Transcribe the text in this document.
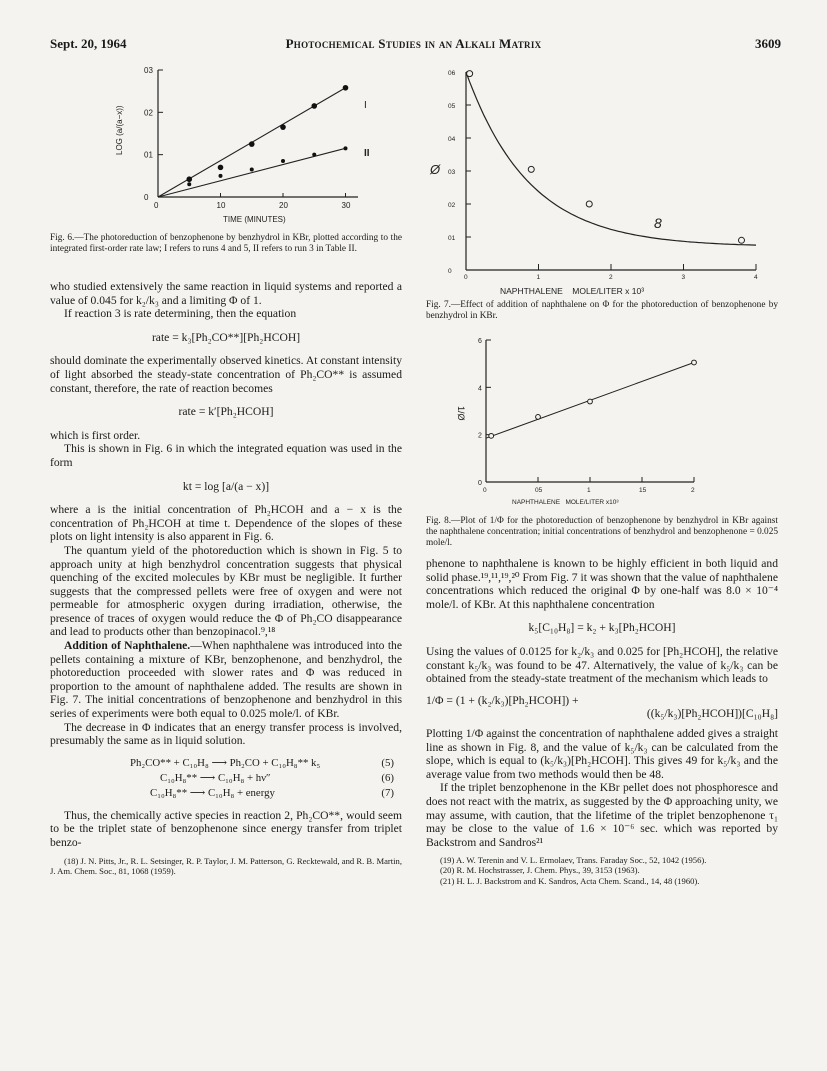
Sept. 20, 1964	Photochemical Studies in an Alkali Matrix	3609
0	10	20	30
0
01
02
03
LOG (a/(a−x))
TIME (MINUTES)
I
II
Fig. 6.—The photoreduction of benzophenone by benzhydrol in KBr, plotted according to the integrated first-order rate law; I refers to runs 4 and 5, II refers to run 3 in Table II.

who studied extensively the same reaction in liquid systems and reported a value of 0.045 for k₂/k₃ and a limiting Φ of 1.

If reaction 3 is rate determining, then the equation

rate = k₃[Ph₂CO**][Ph₂HCOH]

should dominate the experimentally observed kinetics. At constant intensity of light absorbed the steady-state concentration of Ph₂CO** is assumed constant, therefore, the rate of reaction becomes

rate = k′[Ph₂HCOH]

which is first order.

This is shown in Fig. 6 in which the integrated equation was used in the form

kt = log [a/(a − x)]

where a is the initial concentration of Ph₂HCOH and a − x is the concentration of Ph₂HCOH at time t. Dependence of the slopes of these plots on light intensity is also apparent in Fig. 6.

The quantum yield of the photoreduction which is shown in Fig. 5 to approach unity at high benzhydrol concentration suggests that physical quenching of the excited molecules by KBr must be negligible. It further suggests that the compressed pellets were free of oxygen and were not permeable for atmospheric oxygen during irradiation, otherwise, the presence of traces of oxygen would reduce the Φ of Ph₂CO disappearance and lead to products other than benzopinacol.⁹,¹⁸

Addition of Naphthalene.—When naphthalene was introduced into the pellets containing a mixture of KBr, benzophenone, and benzhydrol, the photoreduction proceeded with slower rates and Φ was reduced in proportion to the amount of naphthalene added. The results are shown in Fig. 7. The initial concentrations of benzophenone and benzhydrol in this series of experiments were both equal to 0.025 mole/l. of KBr.

The decrease in Φ indicates that an energy transfer process is involved, presumably the same as in liquid solution.

Ph₂CO** + C₁₀H₈ ⟶ Ph₂CO + C₁₀H₈** k₅	(5)
C₁₀H₈** ⟶ C₁₀H₈ + hν″	(6)
C₁₀H₈** ⟶ C₁₀H₈ + energy	(7)

Thus, the chemically active species in reaction 2, Ph₂CO**, would seem to be the triplet state of benzophenone since energy transfer from triplet benzo-

(18) J. N. Pitts, Jr., R. L. Setsinger, R. P. Taylor, J. M. Patterson, G. Recktewald, and R. B. Martin, J. Am. Chem. Soc., 81, 1068 (1959).

0	1	2	3	4
0
01
02
03
04
05
06
Ø
8
NAPHTHALENE    MOLE/LITER x 10³
Fig. 7.—Effect of addition of naphthalene on Φ for the photoreduction of benzophenone by benzhydrol in KBr.
0	05	1	15	2
0
2
4
6
1/Ø
NAPHTHALENE   MOLE/LITER x10³
Fig. 8.—Plot of 1/Φ for the photoreduction of benzophenone by benzhydrol in KBr against the naphthalene concentration; initial concentrations of benzhydrol and benzophenone = 0.025 mole/l.

phenone to naphthalene is known to be highly efficient in both liquid and solid phase.¹⁹,¹¹,¹⁹,²⁰ From Fig. 7 it was shown that the value of naphthalene concentrations which reduced the original Φ by one-half was 8.0 × 10⁻⁴ mole/l. of KBr. At this naphthalene concentration

k₅[C₁₀H₈] = k₂ + k₃[Ph₂HCOH]

Using the values of 0.0125 for k₂/k₃ and 0.025 for [Ph₂HCOH], the relative constant k₅/k₃ was found to be 47. Alternatively, the value of k₅/k₃ can be obtained from the steady-state treatment of the mechanism which leads to

1/Φ = (1 + (k₂/k₃)[Ph₂HCOH]) +

((k₅/k₃)[Ph₂HCOH])[C₁₀H₈]

Plotting 1/Φ against the concentration of naphthalene added gives a straight line as shown in Fig. 8, and the value of k₅/k₃ can be calculated from the slope, which is equal to (k₅/k₃)[Ph₂HCOH]. This gives 49 for k₅/k₃ and the average value from two methods would then be 48.

If the triplet benzophenone in the KBr pellet does not phosphoresce and does not react with the matrix, as suggested by the Φ approaching unity, we may assume, with caution, that the lifetime of the triplet benzophenone τ₁ may be close to the value of 1.6 × 10⁻⁶ sec. which was reported by Backstrom and Sandros²¹

(19) A. W. Terenin and V. L. Ermolaev, Trans. Faraday Soc., 52, 1042 (1956).

(20) R. M. Hochstrasser, J. Chem. Phys., 39, 3153 (1963).

(21) H. L. J. Backstrom and K. Sandros, Acta Chem. Scand., 14, 48 (1960).
